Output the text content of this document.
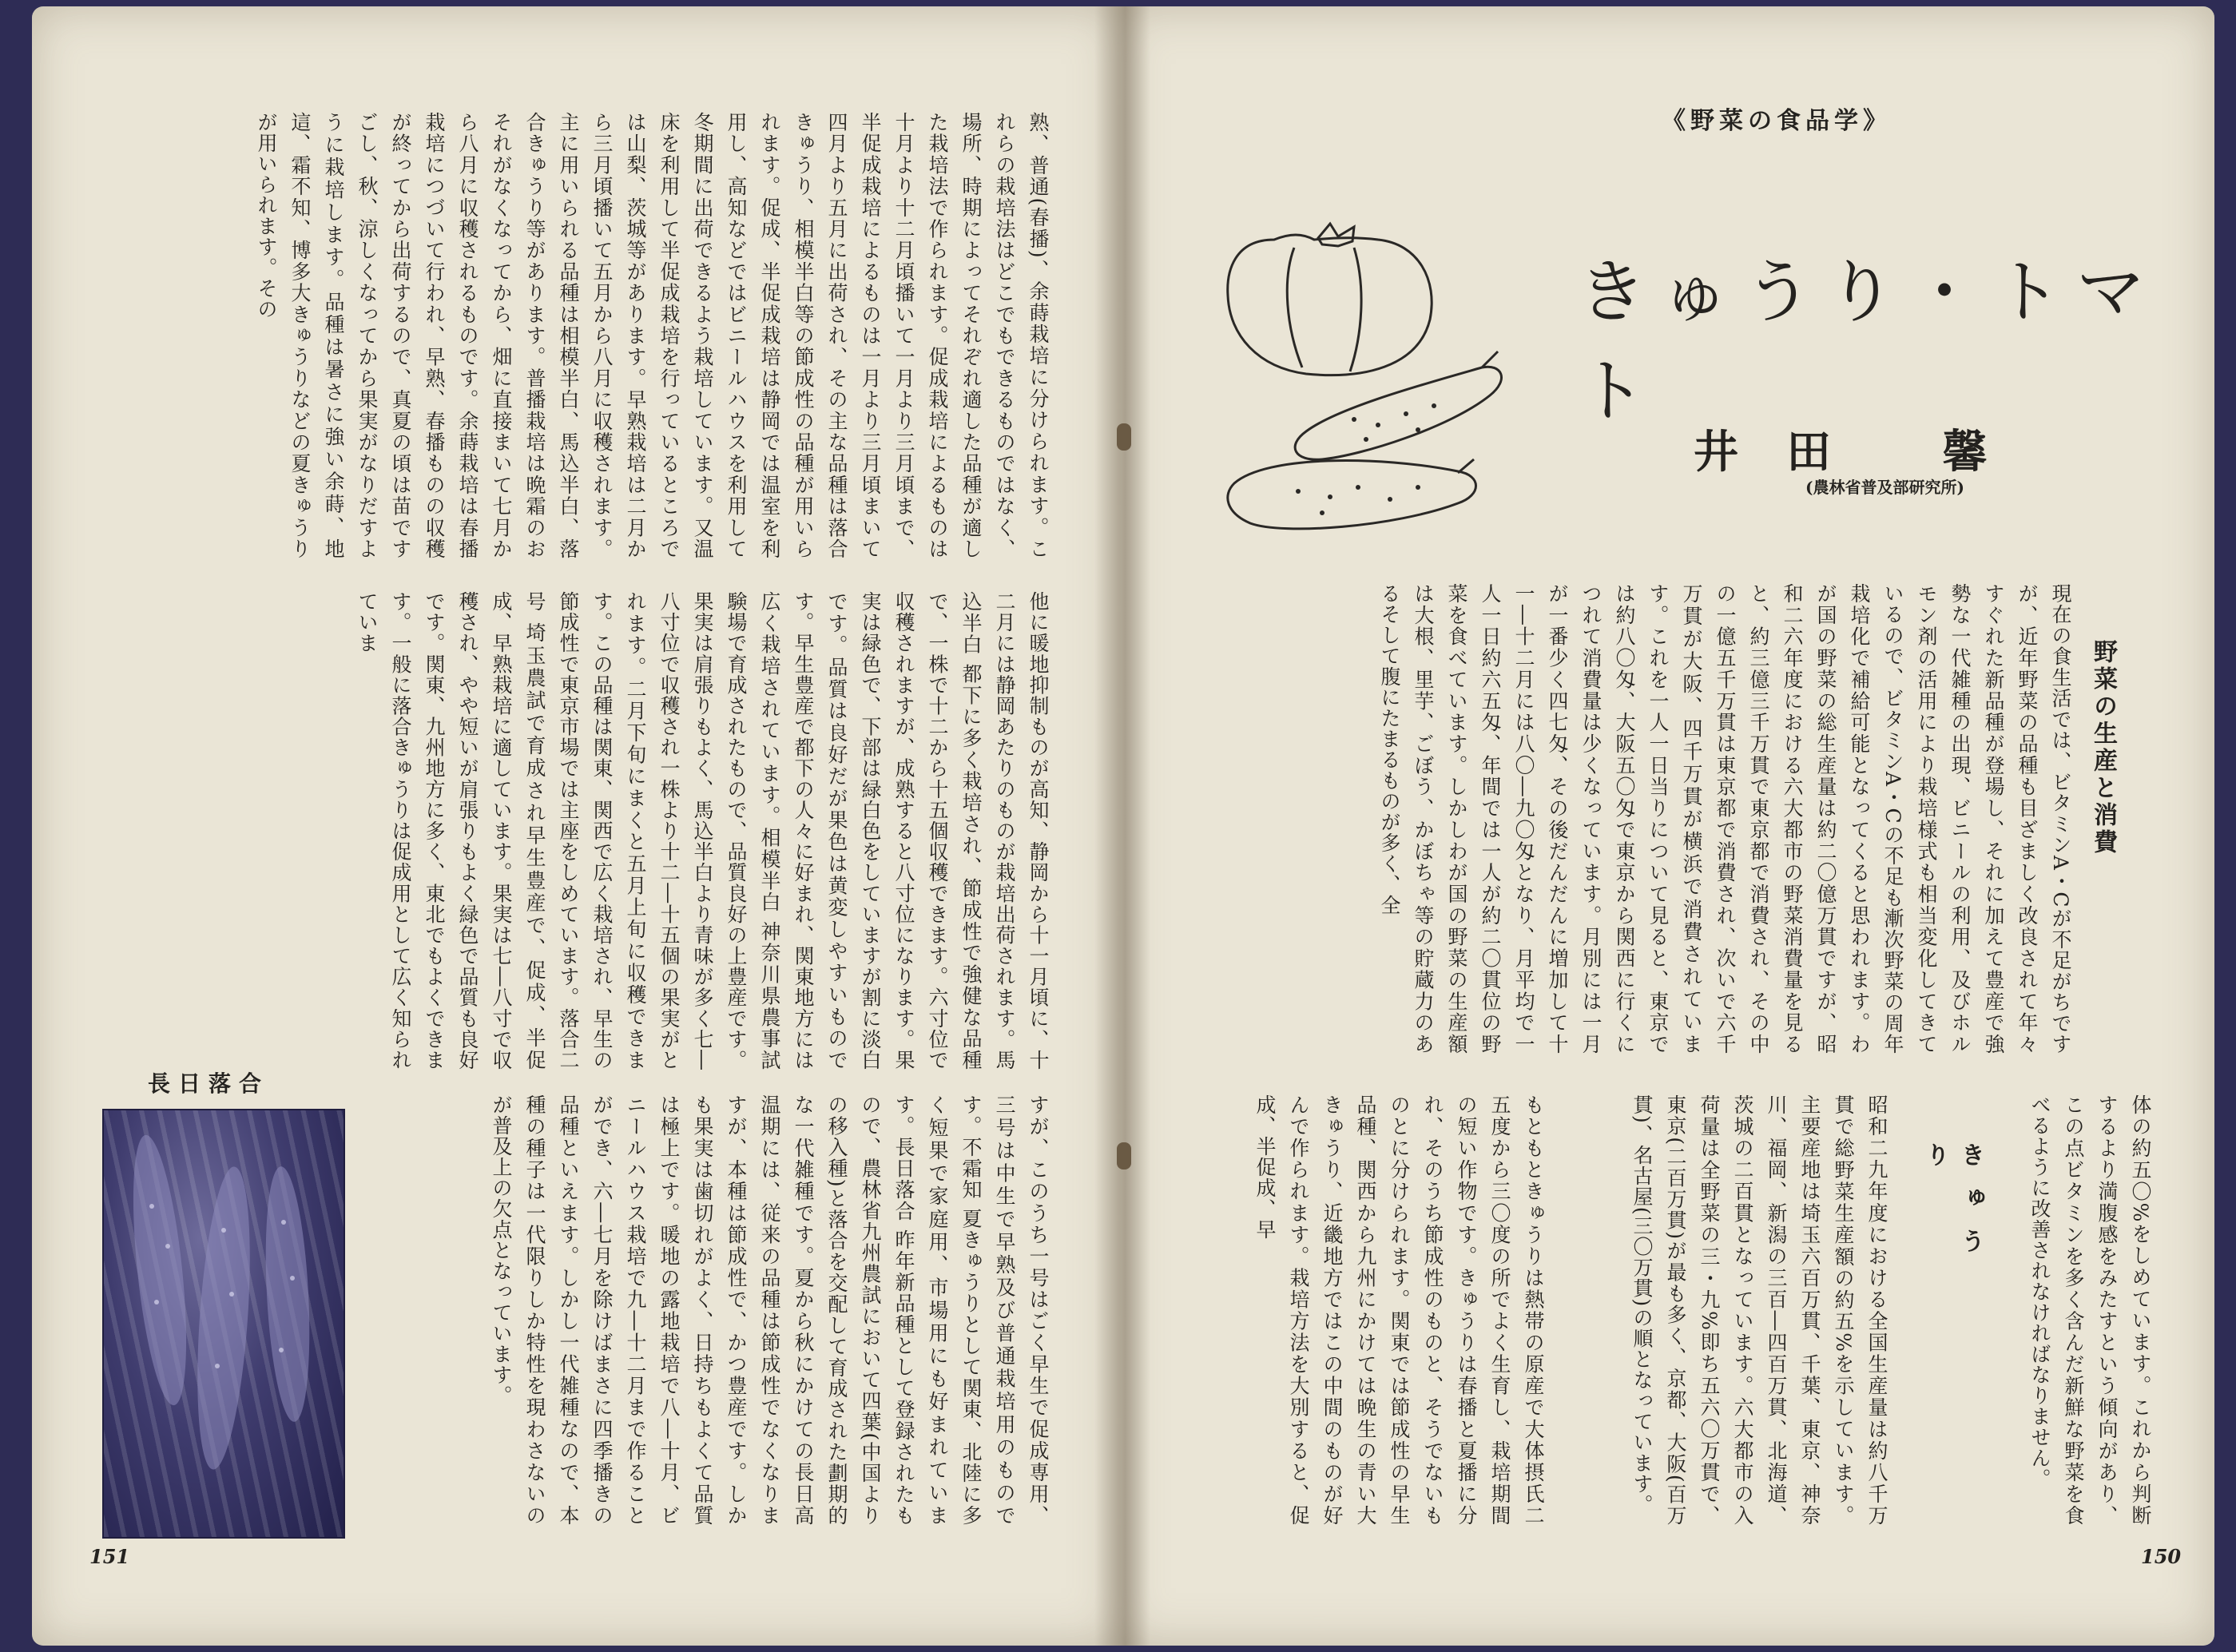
《野菜の食品学》
きゅうり・トマト
井田 馨
(農林省普及部研究所)
野菜の生産と消費
現在の食生活では、ビタミンA・Cが不足がちですが、近年野菜の品種も目ざましく改良されて年々すぐれた新品種が登場し、それに加えて豊産で強勢な一代雑種の出現、ビニールの利用、及びホルモン剤の活用により栽培様式も相当変化してきているので、ビタミンA・Cの不足も漸次野菜の周年栽培化で補給可能となってくると思われます。わが国の野菜の総生産量は約二〇億万貫ですが、昭和二六年度における六大都市の野菜消費量を見ると、約三億三千万貫で東京都で消費され、その中の一億五千万貫は東京都で消費され、次いで六千万貫が大阪、四千万貫が横浜で消費されています。これを一人一日当りについて見ると、東京では約八〇匁、大阪五〇匁で東京から関西に行くにつれて消費量は少くなっています。月別には一月が一番少く四七匁、その後だんだんに増加して十一―十二月には八〇―九〇匁となり、月平均で一人一日約六五匁、年間では一人が約二〇貫位の野菜を食べています。しかしわが国の野菜の生産額は大根、里芋、ごぼう、かぼちゃ等の貯蔵力のあるそして腹にたまるものが多く、全
体の約五〇%をしめています。これから判断するより満腹感をみたすという傾向があり、この点ビタミンを多く含んだ新鮮な野菜を食べるように改善されなければなりません。
きゅうり
昭和二九年度における全国生産量は約八千万貫で総野菜生産額の約五%を示しています。主要産地は埼玉六百万貫、千葉、東京、神奈川、福岡、新潟の三百―四百万貫、北海道、茨城の二百貫となっています。六大都市の入荷量は全野菜の三・九%即ち五六〇万貫で、東京(二百万貫)が最も多く、京都、大阪(百万貫)、名古屋(三〇万貫)の順となっています。
もともときゅうりは熱帯の原産で大体摂氏二五度から三〇度の所でよく生育し、栽培期間の短い作物です。きゅうりは春播と夏播に分れ、そのうち節成性のものと、そうでないものとに分けられます。関東では節成性の早生品種、関西から九州にかけては晩生の青い大きゅうり、近畿地方ではこの中間のものが好んで作られます。栽培方法を大別すると、促成、半促成、早
150
熟、普通(春播)、余蒔栽培に分けられます。これらの栽培法はどこでもできるものではなく、場所、時期によってそれぞれ適した品種が適した栽培法で作られます。促成栽培によるものは十月より十二月頃播いて一月より三月頃まで、半促成栽培によるものは一月より三月頃まいて四月より五月に出荷され、その主な品種は落合きゅうり、相模半白等の節成性の品種が用いられます。促成、半促成栽培は静岡では温室を利用し、高知などではビニールハウスを利用して冬期間に出荷できるよう栽培しています。又温床を利用して半促成栽培を行っているところでは山梨、茨城等があります。早熟栽培は二月から三月頃播いて五月から八月に収穫されます。主に用いられる品種は相模半白、馬込半白、落合きゅうり等があります。普播栽培は晩霜のおそれがなくなってから、畑に直接まいて七月から八月に収穫されるものです。余蒔栽培は春播栽培につづいて行われ、早熟、春播ものの収穫が終ってから出荷するので、真夏の頃は苗ですごし、秋、涼しくなってから果実がなりだすように栽培します。品種は暑さに強い余蒔、地這、霜不知、博多大きゅうりなどの夏きゅうりが用いられます。その
他に暖地抑制ものが高知、静岡から十一月頃に、十二月には静岡あたりのものが栽培出荷されます。馬込半白 都下に多く栽培され、節成性で強健な品種で、一株で十二から十五個収穫できます。六寸位で収穫されますが、成熟すると八寸位になります。果実は緑色で、下部は緑白色をしていますが割に淡白です。品質は良好だが果色は黄変しやすいものです。早生豊産で都下の人々に好まれ、関東地方には広く栽培されています。相模半白 神奈川県農事試験場で育成されたもので、品質良好の上豊産です。果実は肩張りもよく、馬込半白より青味が多く七―八寸位で収穫され一株より十二―十五個の果実がとれます。二月下旬にまくと五月上旬に収穫できます。この品種は関東、関西で広く栽培され、早生の節成性で東京市場では主座をしめています。落合二号 埼玉農試で育成され早生豊産で、促成、半促成、早熟栽培に適しています。果実は七―八寸で収穫され、やや短いが肩張りもよく緑色で品質も良好です。関東、九州地方に多く、東北でもよくできます。一般に落合きゅうりは促成用として広く知られていま
すが、このうち一号はごく早生で促成専用、三号は中生で早熟及び普通栽培用のものです。不霜知 夏きゅうりとして関東、北陸に多く短果で家庭用、市場用にも好まれています。長日落合 昨年新品種として登録されたもので、農林省九州農試において四葉(中国よりの移入種)と落合を交配して育成された劃期的な一代雑種です。夏から秋にかけての長日高温期には、従来の品種は節成性でなくなりますが、本種は節成性で、かつ豊産です。しかも果実は歯切れがよく、日持ちもよくて品質は極上です。暖地の露地栽培で八―十月、ビニールハウス栽培で九―十二月まで作ることができ、六―七月を除けばまさに四季播きの品種といえます。しかし一代雑種なので、本種の種子は一代限りしか特性を現わさないのが普及上の欠点となっています。
長日落合
151
